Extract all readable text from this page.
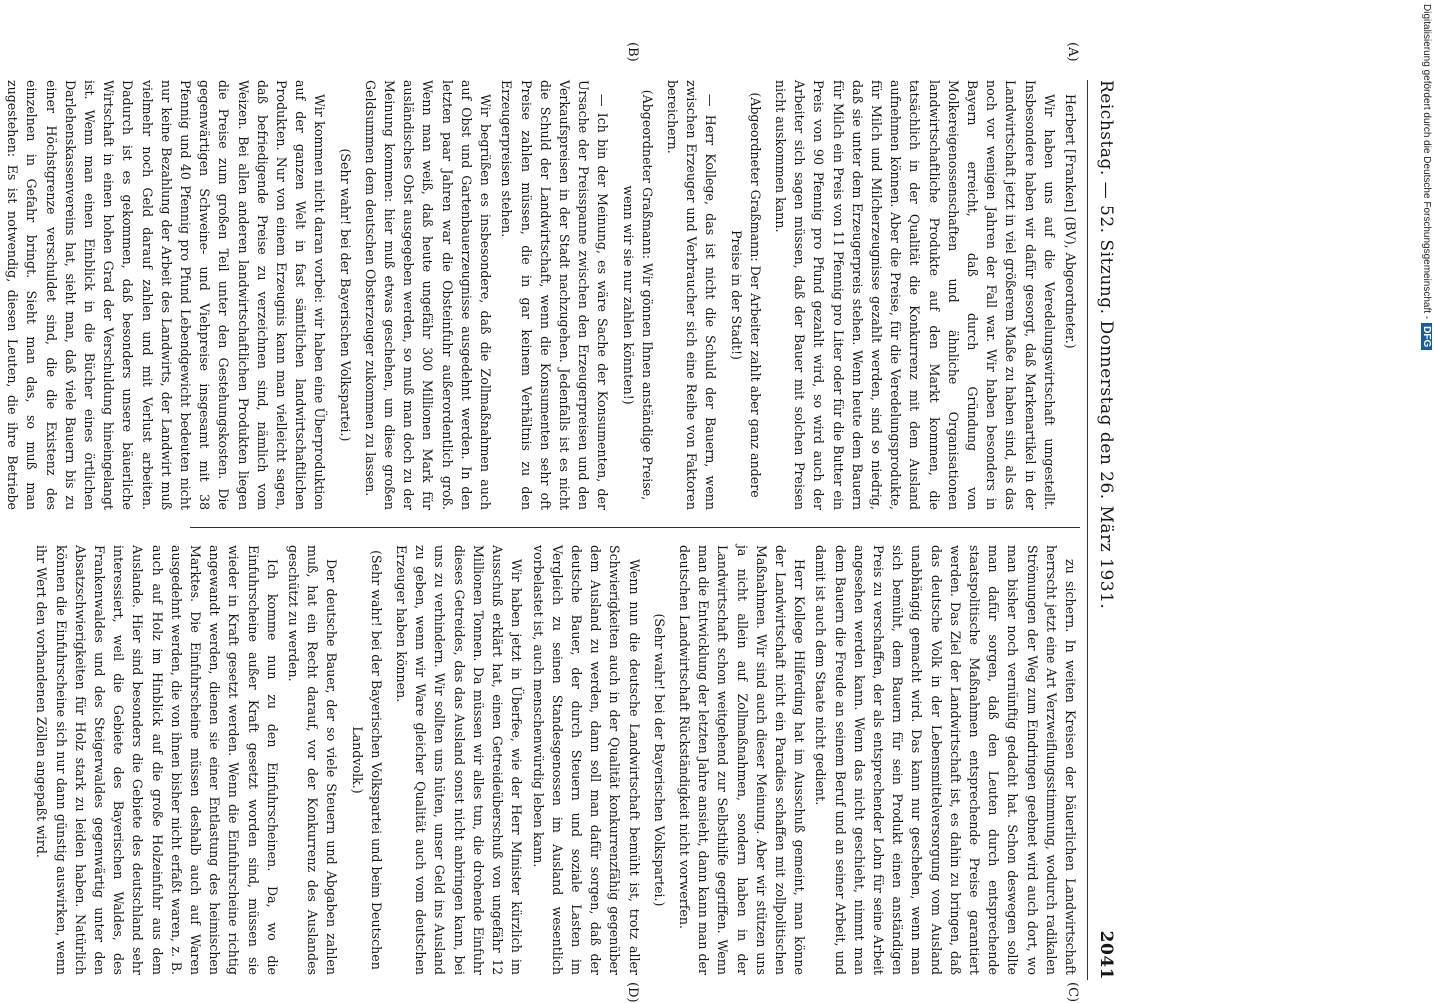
Reichstag. — 52. Sitzung. Donnerstag den 26. März 1931.
2041

Herbert [Franken] (BV), Abgeordneter.)

Wir haben uns auf die Veredelungswirtschaft umgestellt. Insbesondere haben wir dafür gesorgt, daß Markenartikel in der Landwirtschaft jetzt in viel größerem Maße zu haben sind, als das noch vor wenigen Jahren der Fall war. Wir haben besonders in Bayern erreicht, daß durch Gründung von Molkereigenossenschaften und ähnliche Organisationen landwirtschaftliche Produkte auf den Markt kommen, die tatsächlich in der Qualität die Konkurrenz mit dem Ausland aufnehmen können. Aber die Preise, für die Veredelungsprodukte, für Milch und Milcherzeugnisse gezahlt werden, sind so niedrig, daß sie unter dem Erzeugerpreis stehen. Wenn heute dem Bauern für Milch ein Preis von 11 Pfennig pro Liter oder für die Butter ein Preis von 90 Pfennig pro Pfund gezahlt wird, so wird auch der Arbeiter sich sagen müssen, daß der Bauer mit solchen Preisen nicht auskommen kann.

(Abgeordneter Graßmann: Der Arbeiter zahlt aber ganz andere Preise in der Stadt!)

— Herr Kollege, das ist nicht die Schuld der Bauern, wenn zwischen Erzeuger und Verbraucher sich eine Reihe von Faktoren bereichern.

(Abgeordneter Graßmann: Wir gönnen Ihnen anständige Preise, wenn wir sie nur zahlen könnten!)

— Ich bin der Meinung, es wäre Sache der Konsumenten, der Ursache der Preisspanne zwischen den Erzeugerpreisen und den Verkaufspreisen in der Stadt nachzugehen. Jedenfalls ist es nicht die Schuld der Landwirtschaft, wenn die Konsumenten sehr oft Preise zahlen müssen, die in gar keinem Verhältnis zu den Erzeugerpreisen stehen.

Wir begrüßen es insbesondere, daß die Zollmaßnahmen auch auf Obst und Gartenbauerzeugnisse ausgedehnt werden. In den letzten paar Jahren war die Obsteinfuhr außerordentlich groß. Wenn man weiß, daß heute ungefähr 300 Millionen Mark für ausländisches Obst ausgegeben werden, so muß man doch zu der Meinung kommen: hier muß etwas geschehen, um diese großen Geldsummen dem deutschen Obsterzeuger zukommen zu lassen.

(Sehr wahr! bei der Bayerischen Volkspartei.)

Wir kommen nicht daran vorbei: wir haben eine Überproduktion auf der ganzen Welt in fast sämtlichen landwirtschaftlichen Produkten. Nur von einem Erzeugnis kann man vielleicht sagen, daß befriedigende Preise zu verzeichnen sind, nämlich vom Weizen. Bei allen anderen landwirtschaftlichen Produkten liegen die Preise zum großen Teil unter den Gestehungskosten. Die gegenwärtigen Schweine- und Viehpreise insgesamt mit 38 Pfennig und 40 Pfennig pro Pfund Lebendgewicht bedeuten nicht nur keine Bezahlung der Arbeit des Landwirts, der Landwirt muß vielmehr noch Geld darauf zahlen und mit Verlust arbeiten. Dadurch ist es gekommen, daß besonders unsere bäuerliche Wirtschaft in einen hohen Grad der Verschuldung hineingelangt ist. Wenn man einen Einblick in die Bücher eines örtlichen Darlehenskassenvereins hat, sieht man, daß viele Bauern bis zu einer Höchstgrenze verschuldet sind, die die Existenz des einzelnen in Gefahr bringt. Sieht man das, so muß man zugestehen: Es ist notwendig, diesen Leuten, die ihre Betriebe

zu sichern. In weiten Kreisen der bäuerlichen Landwirtschaft herrscht jetzt eine Art Verzweiflungsstimmung, wodurch radikalen Strömungen der Weg zum Eindringen geebnet wird auch dort, wo man bisher noch vernünftig gedacht hat. Schon deswegen sollte man dafür sorgen, daß den Leuten durch entsprechende staatspolitische Maßnahmen entsprechende Preise garantiert werden. Das Ziel der Landwirtschaft ist, es dahin zu bringen, daß das deutsche Volk in der Lebensmittelversorgung vom Ausland unabhängig gemacht wird. Das kann nur geschehen, wenn man sich bemüht, dem Bauern für sein Produkt einen anständigen Preis zu verschaffen, der als entsprechender Lohn für seine Arbeit angesehen werden kann. Wenn das nicht geschieht, nimmt man dem Bauern die Freude an seinem Beruf und an seiner Arbeit, und damit ist auch dem Staate nicht gedient.

Herr Kollege Hilferding hat im Ausschuß gemeint, man könne der Landwirtschaft nicht ein Paradies schaffen mit zollpolitischen Maßnahmen. Wir sind auch dieser Meinung. Aber wir stützen uns ja nicht allein auf Zollmaßnahmen, sondern haben in der Landwirtschaft schon weitgehend zur Selbsthilfe gegriffen. Wenn man die Entwicklung der letzten Jahre ansieht, dann kann man der deutschen Landwirtschaft Rückständigkeit nicht vorwerfen.

(Sehr wahr! bei der Bayerischen Volkspartei.)

Wenn nun die deutsche Landwirtschaft bemüht ist, trotz aller Schwierigkeiten auch in der Qualität konkurrenzfähig gegenüber dem Ausland zu werden, dann soll man dafür sorgen, daß der deutsche Bauer, der durch Steuern und soziale Lasten im Vergleich zu seinen Standesgenossen im Ausland wesentlich vorbelastet ist, auch menschenwürdig leben kann.

Wir haben jetzt in Überfee, wie der Herr Minister kürzlich im Ausschuß erklärt hat, einen Getreideüberschuß von ungefähr 12 Millionen Tonnen. Da müssen wir alles tun, die drohende Einfuhr dieses Getreides, das das Ausland sonst nicht anbringen kann, bei uns zu verhindern. Wir sollten uns hüten, unser Geld ins Ausland zu geben, wenn wir Ware gleicher Qualität auch vom deutschen Erzeuger haben können.

(Sehr wahr! bei der Bayerischen Volkspartei und beim Deutschen Landvolk.)

Der deutsche Bauer, der so viele Steuern und Abgaben zahlen muß, hat ein Recht darauf, vor der Konkurrenz des Auslandes geschützt zu werden.

Ich komme nun zu den Einfuhrscheinen. Da, wo die Einfuhrscheine außer Kraft gesetzt worden sind, müssen sie wieder in Kraft gesetzt werden. Wenn die Einfuhrscheine richtig angewandt werden, dienen sie einer Entlastung des heimischen Marktes. Die Einfuhrscheine müssen deshalb auch auf Waren ausgedehnt werden, die von ihnen bisher nicht erfaßt waren, z. B. auch auf Holz im Hinblick auf die große Holzeinfuhr aus dem Auslande. Hier sind besonders die Gebiete des deutschland sehr interessiert, weil die Gebiete des Bayerischen Waldes, des Frankenwaldes und des Steigerwaldes gegenwärtig unter den Absatzschwierigkeiten für Holz stark zu leiden haben. Natürlich können die Einfuhrscheine sich nur dann günstig auswirken, wenn ihr Wert den vorhandenen Zöllen angepaßt wird.

(A)
(B)
(C)
(D)
Digitalisierung gefördert durch die Deutsche Forschungsgemeinschaft -DFG
